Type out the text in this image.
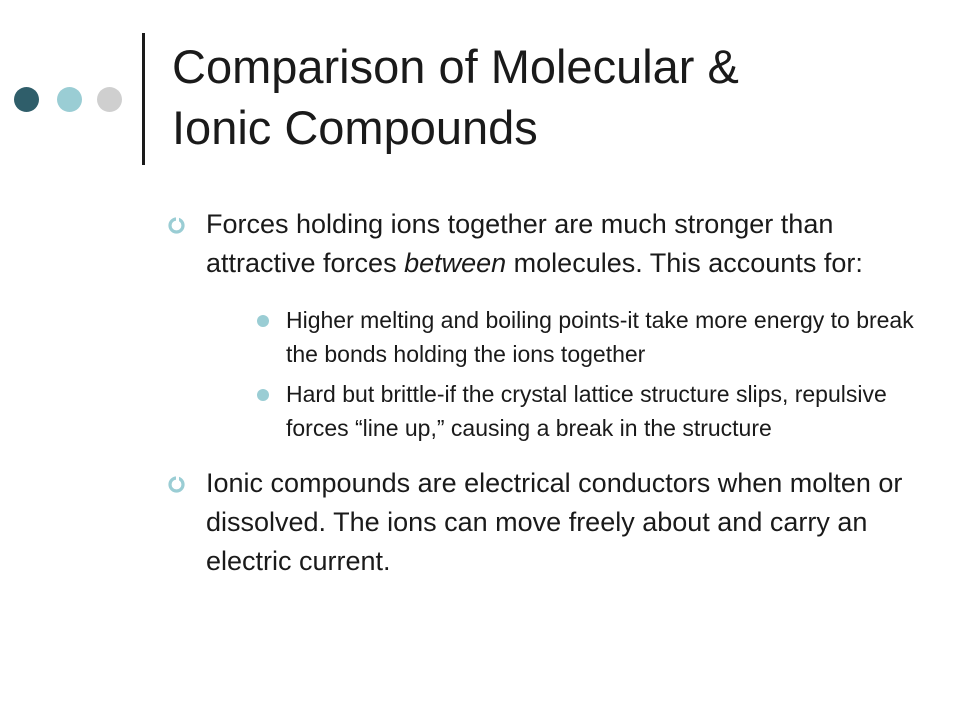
Comparison of Molecular &
Ionic Compounds
Forces holding ions together are much stronger than attractive forces between molecules. This accounts for:
Higher melting and boiling points-it take more energy to break the bonds holding the ions together
Hard but brittle-if the crystal lattice structure slips, repulsive forces “line up,” causing a break in the structure
Ionic compounds are electrical conductors when molten or dissolved. The ions can move freely about and carry an electric current.
